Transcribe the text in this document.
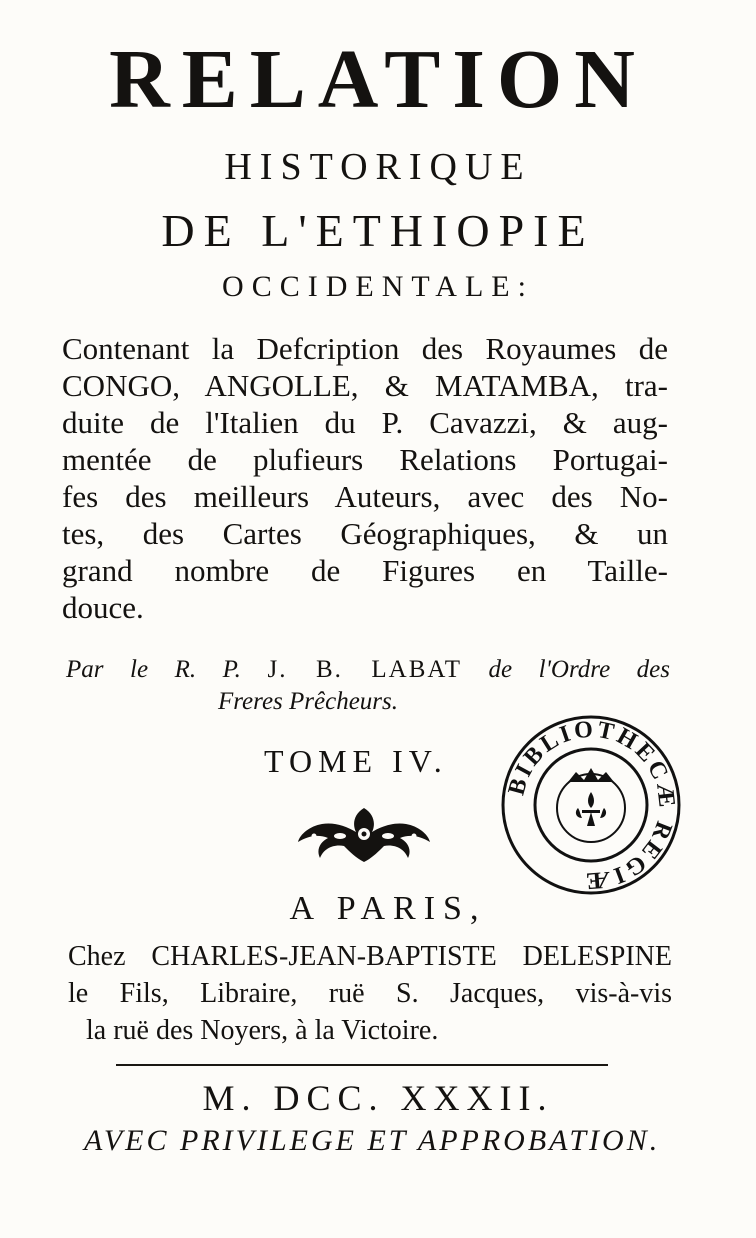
RELATION
HISTORIQUE
DE L'ETHIOPIE
OCCIDENTALE:
Contenant la Defcription des Royaumes de
CONGO, ANGOLLE, & MATAMBA, tra-
duite de l'Italien du P. Cavazzi, & aug-
mentée de plufieurs Relations Portugai-
fes des meilleurs Auteurs, avec des No-
tes, des Cartes Géographiques, & un
grand nombre de Figures en Taille-
douce.
Par le R. P. J. B. LABAT de l'Ordre des
Freres Prêcheurs.
TOME IV.
BIBLIOTHECÆ REGIÆ
A PARIS,
Chez CHARLES-JEAN-BAPTISTE DELESPINE
le Fils, Libraire, ruë S. Jacques, vis-à-vis
la ruë des Noyers, à la Victoire.
M. DCC. XXXII.
AVEC PRIVILEGE ET APPROBATION.
